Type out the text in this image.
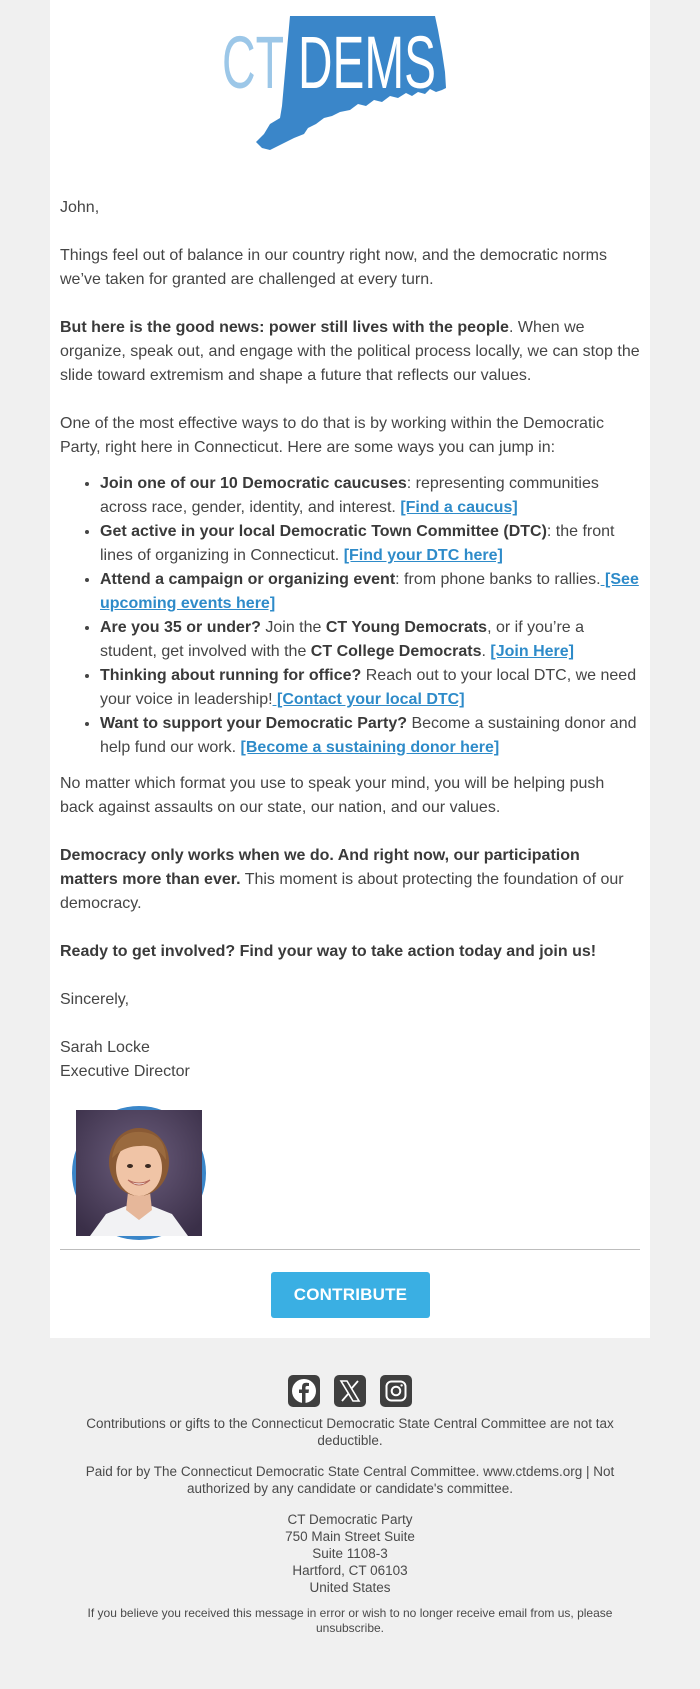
CT DEMS

John,

Things feel out of balance in our country right now, and the democratic norms we’ve taken for granted are challenged at every turn.

But here is the good news: power still lives with the people. When we organize, speak out, and engage with the political process locally, we can stop the slide toward extremism and shape a future that reflects our values.

One of the most effective ways to do that is by working within the Democratic Party, right here in Connecticut. Here are some ways you can jump in:

• Join one of our 10 Democratic caucuses: representing communities across race, gender, identity, and interest. [Find a caucus]
• Get active in your local Democratic Town Committee (DTC): the front lines of organizing in Connecticut. [Find your DTC here]
• Attend a campaign or organizing event: from phone banks to rallies. [See upcoming events here]
• Are you 35 or under? Join the CT Young Democrats, or if you’re a student, get involved with the CT College Democrats. [Join Here]
• Thinking about running for office? Reach out to your local DTC, we need your voice in leadership! [Contact your local DTC]
• Want to support your Democratic Party? Become a sustaining donor and help fund our work. [Become a sustaining donor here]

No matter which format you use to speak your mind, you will be helping push back against assaults on our state, our nation, and our values.

Democracy only works when we do. And right now, our participation matters more than ever. This moment is about protecting the foundation of our democracy.

Ready to get involved? Find your way to take action today and join us!

Sincerely,

Sarah Locke

Executive Director

CONTRIBUTE

Contributions or gifts to the Connecticut Democratic State Central Committee are not tax deductible.

Paid for by The Connecticut Democratic State Central Committee. www.ctdems.org | Not authorized by any candidate or candidate's committee.

CT Democratic Party
750 Main Street Suite
Suite 1108-3
Hartford, CT 06103
United States

If you believe you received this message in error or wish to no longer receive email from us, please unsubscribe.
